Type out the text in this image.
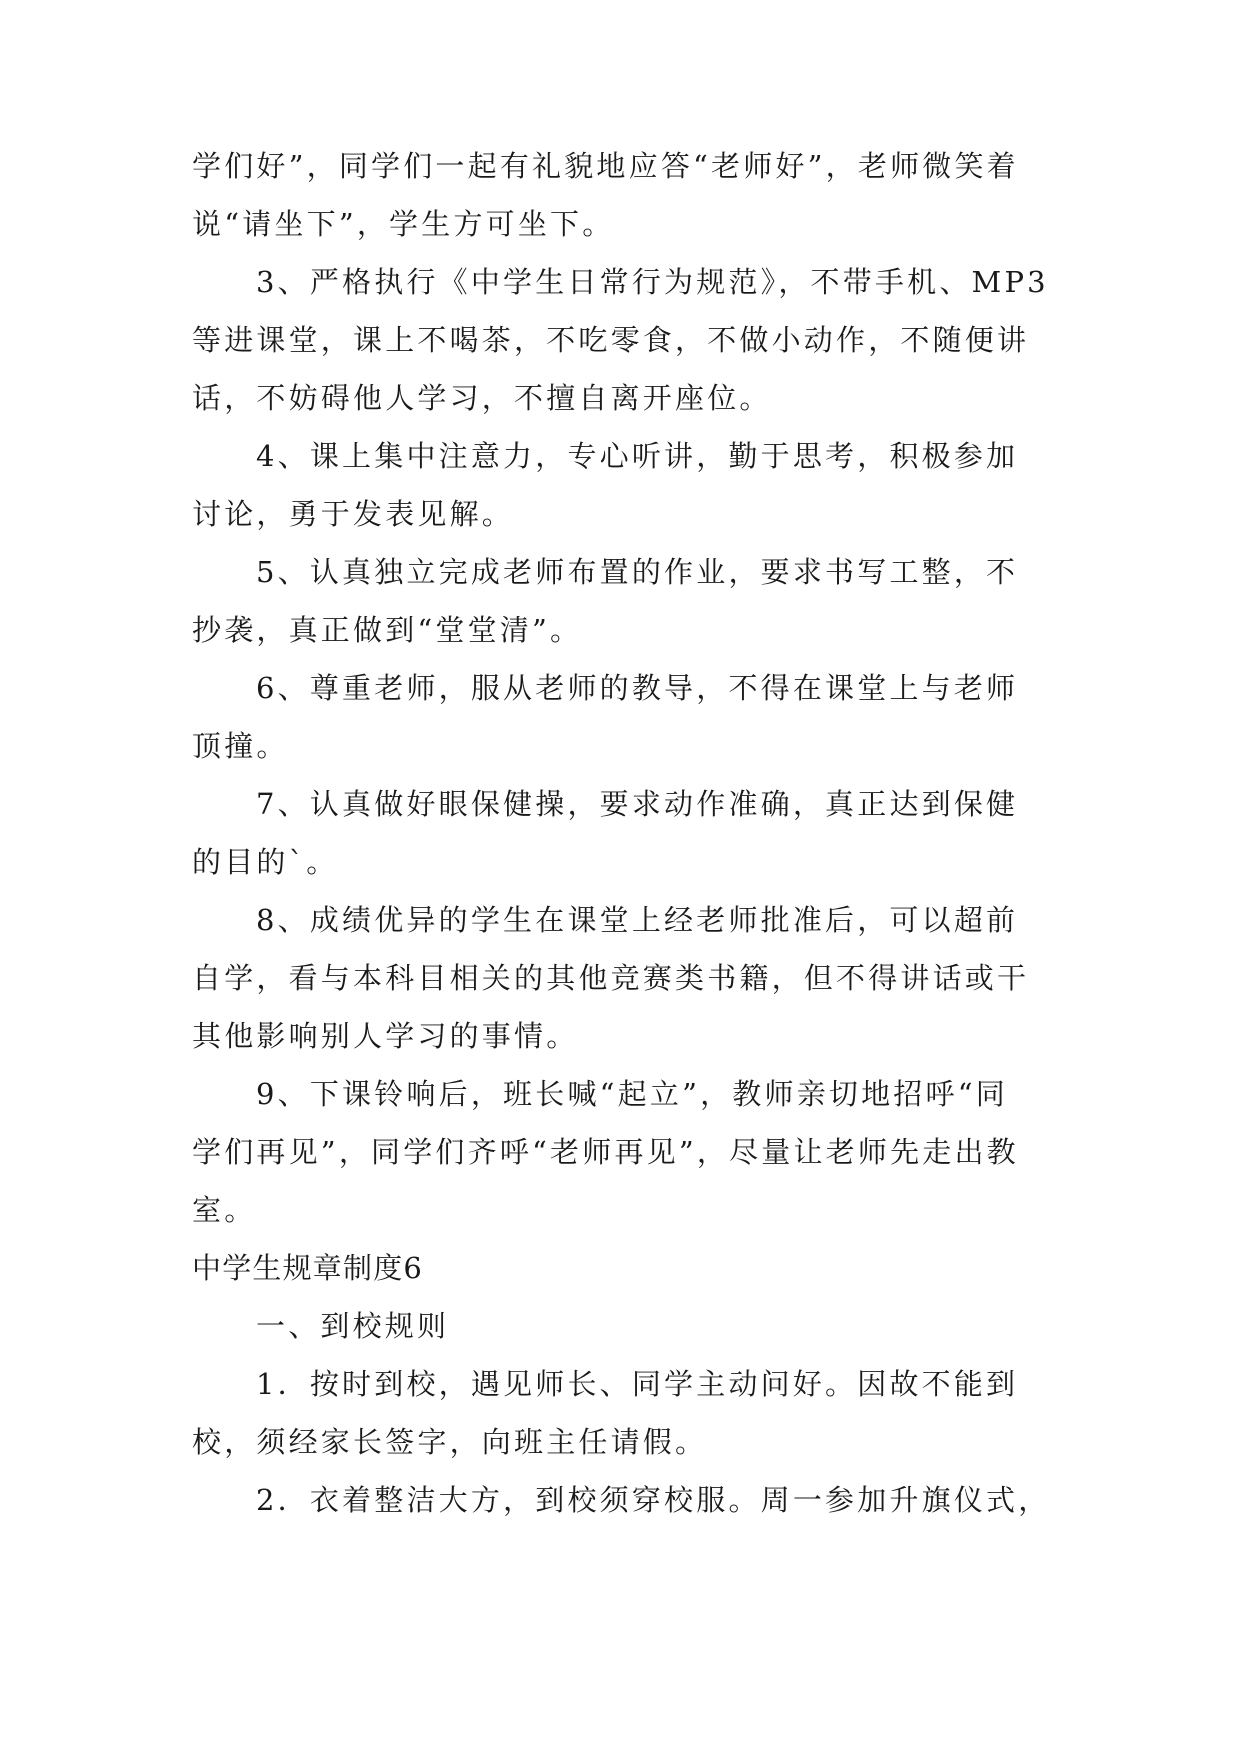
学们好”，同学们一起有礼貌地应答“老师好”，老师微笑着
说“请坐下”，学生方可坐下。
3、严格执行《中学生日常行为规范》，不带手机、MP3
等进课堂，课上不喝茶，不吃零食，不做小动作，不随便讲
话，不妨碍他人学习，不擅自离开座位。
4、课上集中注意力，专心听讲，勤于思考，积极参加
讨论，勇于发表见解。
5、认真独立完成老师布置的作业，要求书写工整，不
抄袭，真正做到“堂堂清”。
6、尊重老师，服从老师的教导，不得在课堂上与老师
顶撞。
7、认真做好眼保健操，要求动作准确，真正达到保健
的目的`。
8、成绩优异的学生在课堂上经老师批准后，可以超前
自学，看与本科目相关的其他竞赛类书籍，但不得讲话或干
其他影响别人学习的事情。
9、下课铃响后，班长喊“起立”，教师亲切地招呼“同
学们再见”，同学们齐呼“老师再见”，尽量让老师先走出教
室。
中学生规章制度6
一、到校规则
1．按时到校，遇见师长、同学主动问好。因故不能到
校，须经家长签字，向班主任请假。
2．衣着整洁大方，到校须穿校服。周一参加升旗仪式，
